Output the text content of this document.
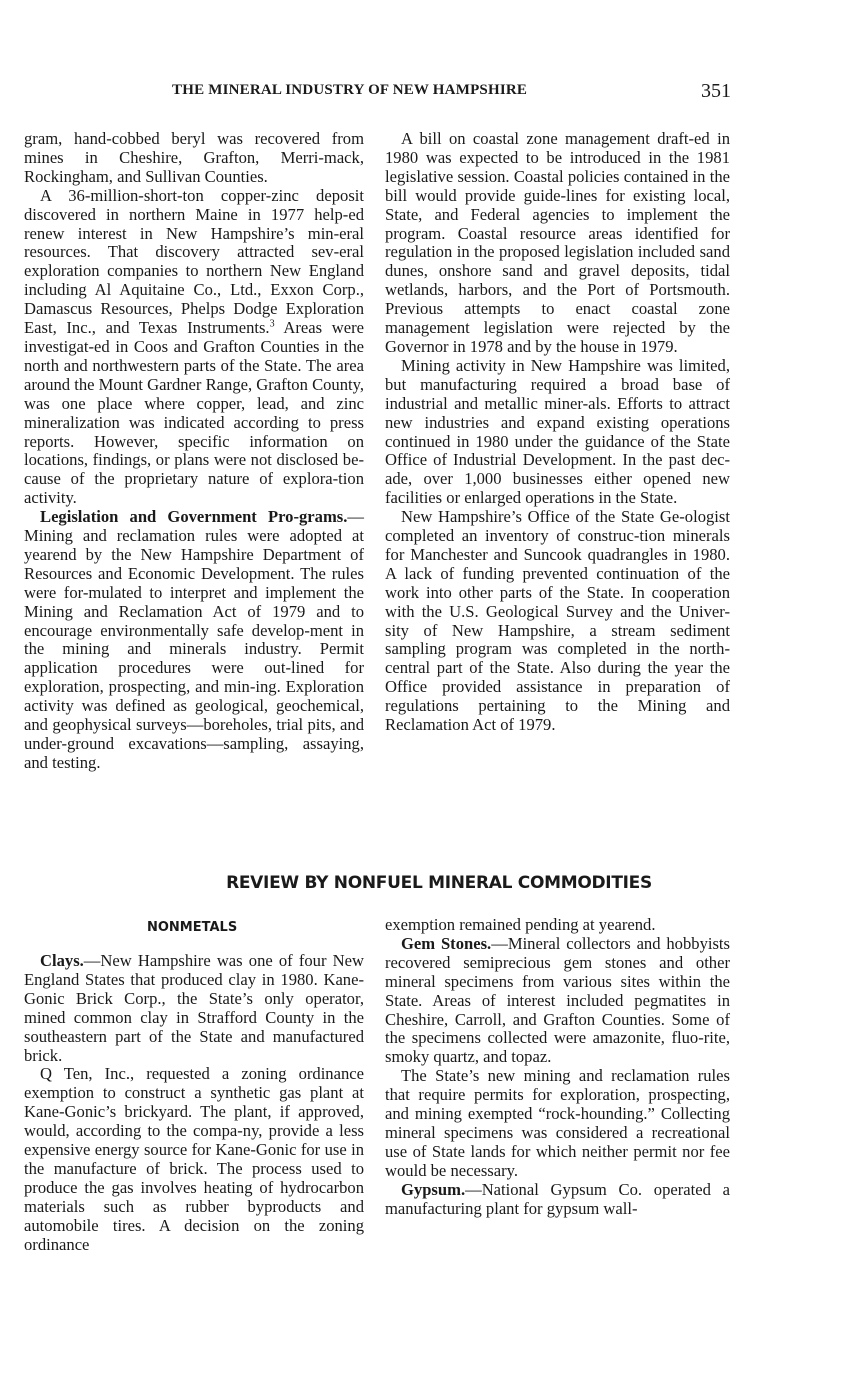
THE MINERAL INDUSTRY OF NEW HAMPSHIRE	351

gram, hand-cobbed beryl was recovered from mines in Cheshire, Grafton, Merri-mack, Rockingham, and Sullivan Counties.

A 36-million-short-ton copper-zinc deposit discovered in northern Maine in 1977 help-ed renew interest in New Hampshire’s min-eral resources. That discovery attracted sev-eral exploration companies to northern New England including Al Aquitaine Co., Ltd., Exxon Corp., Damascus Resources, Phelps Dodge Exploration East, Inc., and Texas Instruments.$^3$ Areas were investigat-ed in Coos and Grafton Counties in the north and northwestern parts of the State. The area around the Mount Gardner Range, Grafton County, was one place where copper, lead, and zinc mineralization was indicated according to press reports. However, specific information on locations, findings, or plans were not disclosed be-cause of the proprietary nature of explora-tion activity.

Legislation and Government Pro-grams.—Mining and reclamation rules were adopted at yearend by the New Hampshire Department of Resources and Economic Development. The rules were for-mulated to interpret and implement the Mining and Reclamation Act of 1979 and to encourage environmentally safe develop-ment in the mining and minerals industry. Permit application procedures were out-lined for exploration, prospecting, and min-ing. Exploration activity was defined as geological, geochemical, and geophysical surveys—boreholes, trial pits, and under-ground excavations—sampling, assaying, and testing.

A bill on coastal zone management draft-ed in 1980 was expected to be introduced in the 1981 legislative session. Coastal policies contained in the bill would provide guide-lines for existing local, State, and Federal agencies to implement the program. Coastal resource areas identified for regulation in the proposed legislation included sand dunes, onshore sand and gravel deposits, tidal wetlands, harbors, and the Port of Portsmouth. Previous attempts to enact coastal zone management legislation were rejected by the Governor in 1978 and by the house in 1979.

Mining activity in New Hampshire was limited, but manufacturing required a broad base of industrial and metallic miner-als. Efforts to attract new industries and expand existing operations continued in 1980 under the guidance of the State Office of Industrial Development. In the past dec-ade, over 1,000 businesses either opened new facilities or enlarged operations in the State.

New Hampshire’s Office of the State Ge-ologist completed an inventory of construc-tion minerals for Manchester and Suncook quadrangles in 1980. A lack of funding prevented continuation of the work into other parts of the State. In cooperation with the U.S. Geological Survey and the Univer-sity of New Hampshire, a stream sediment sampling program was completed in the north-central part of the State. Also during the year the Office provided assistance in preparation of regulations pertaining to the Mining and Reclamation Act of 1979.

REVIEW BY NONFUEL MINERAL COMMODITIES
NONMETALS

Clays.—New Hampshire was one of four New England States that produced clay in 1980. Kane-Gonic Brick Corp., the State’s only operator, mined common clay in Strafford County in the southeastern part of the State and manufactured brick.

Q Ten, Inc., requested a zoning ordinance exemption to construct a synthetic gas plant at Kane-Gonic’s brickyard. The plant, if approved, would, according to the compa-ny, provide a less expensive energy source for Kane-Gonic for use in the manufacture of brick. The process used to produce the gas involves heating of hydrocarbon materials such as rubber byproducts and automobile tires. A decision on the zoning ordinance

exemption remained pending at yearend.

Gem Stones.—Mineral collectors and hobbyists recovered semiprecious gem stones and other mineral specimens from various sites within the State. Areas of interest included pegmatites in Cheshire, Carroll, and Grafton Counties. Some of the specimens collected were amazonite, fluo-rite, smoky quartz, and topaz.

The State’s new mining and reclamation rules that require permits for exploration, prospecting, and mining exempted “rock-hounding.” Collecting mineral specimens was considered a recreational use of State lands for which neither permit nor fee would be necessary.

Gypsum.—National Gypsum Co. operated a manufacturing plant for gypsum wall-
